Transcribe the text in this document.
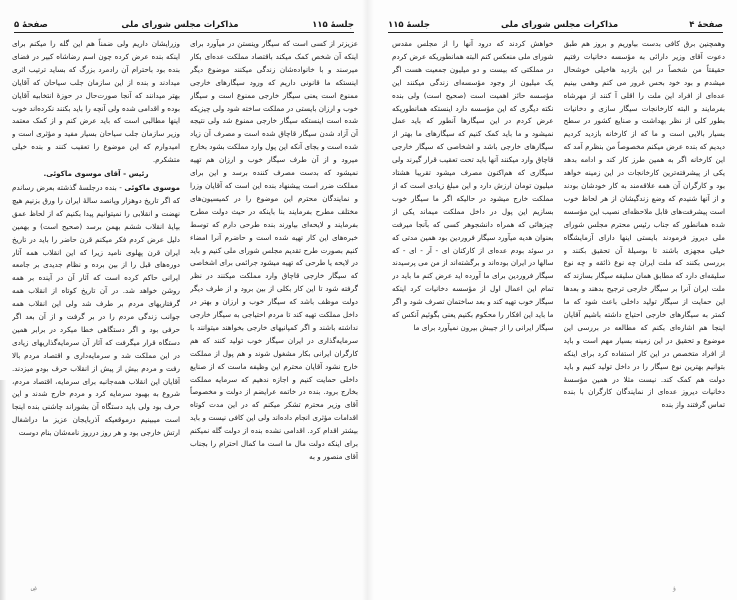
جلسهٔ ۱۱۵
مذاکرات مجلس شورای ملی
صفحهٔ ۵

عزیزتر از کسی است که سیگار وینستن در میآورد برای اینکه آن شخص کمک میکند باقتصاد مملکت عده‌ای بکار میرسند و با خانواده‌شان زندگی میکنند موضوع دیگر اینستکه ما قانونی داریم که ورود سیگارهای خارجی ممنوع است یعنی سیگار خارجی ممنوع است و سیگار خوب و ارزان بایستی در مملکت ساخته شود ولی چیزیکه شده است اینستکه سیگار خارجی ممنوع شد ولی نتیجه آن آزاد شدن سیگار قاچاق شده است و مصرف آن زیاد شده است و بجای آنکه این پول وارد مملکت بشود بخارج میرود و از آن طرف سیگار خوب و ارزان هم تهیه نمیشود که بدست مصرف کننده برسد و این برای مملکت ضرر است پیشنهاد بنده این است که آقایان وزرا و نمایندگان محترم این موضوع را در کمیسیون‌های مختلف مطرح بفرمایند بنا باینکه در حیث دولت مطرح بفرمایند و لایحه‌ای بیاورند بنده طرحی دارم که توسط خبره‌های این کار تهیه شده است و حاضرم آنرا امضاء کنیم بصورت طرح تقدیم مجلس شورای ملی کنیم و باید در لایحه یا طرحی که تهیه میشود جرائمی برای اشخاصی که سیگار خارجی قاچاق وارد مملکت میکنند در نظر گرفته شود تا این کار بکلی از بین برود و از طرف دیگر دولت موظف باشد که سیگار خوب و ارزان و بهتر در داخل مملکت تهیه کند تا مردم احتیاجی به سیگار خارجی نداشته باشند و اگر کمپانیهای خارجی بخواهند میتوانند با سرمایه‌گذاری در ایران سیگار خوب تولید کنند که هم کارگران ایرانی بکار مشغول شوند و هم پول از مملکت خارج نشود آقایان محترم این وظیفه ماست که از صنایع داخلی حمایت کنیم و اجازه ندهیم که سرمایه مملکت بخارج برود. بنده در خاتمه عرایضم از دولت و مخصوصاً آقای وزیر محترم تشکر میکنم که در این مدت کوتاه اقدامات مؤثری انجام داده‌اند ولی این کافی نیست و باید بیشتر اقدام کرد. اقدامی نشده بنده از دولت گله نمیکنم برای اینکه دولت مال ما است ما کمال احترام را بجناب آقای منصور و به

وزرایشان داریم ولی ضمناً هم این گله را میکنم برای اینکه بنده عرض کرده چون اسم رضاشاه کبیر در فضای بنده بود باحترام آن رادمرد بزرگ که بساید ترتیب اثری میدادند و بنده از این سازمان جلب سیاحان که آقایان بهتر میدانند که آنجا صورت‌حال در حوزهٔ انتخابیه آقایان بوده و اقدامی شده ولی آنچه را باید بکنند نکرده‌اند خوب اینها مطالبی است که باید عرض کنم و از کمک معتمد وزیر سازمان جلب سیاحان بسیار مفید و مؤثری است و امیدوارم که این موضوع را تعقیب کنند و بنده خیلی متشکرم.

رئیس - آقای موسوی ماکوئی.

موسوی ماکوئی - بنده درجلسهٔ گذشته بعرض رساندم که اگر تاریخ دوهزار وپانصد سالهٔ ایران را ورق بزنیم هیچ نهضت و انقلابی را نمیتوانیم پیدا بکنیم که از لحاظ عمق بپایهٔ انقلاب ششم بهمن برسد (صحیح است) و بهمین دلیل عرض کردم فکر میکنم قرن حاضر را باید در تاریخ ایران قرن پهلوی نامید زیرا که این انقلاب همه آثار دوره‌های قبل را از بین برده و نظام جدیدی بر جامعه ایرانی حاکم کرده است که آثار آن در آینده بر همه روشن خواهد شد. در آن تاریخ کوتاه از انقلاب همه گرفتاریهای مردم بر طرف شد ولی این انقلاب همه جوانب زندگی مردم را در بر گرفت و از آن بعد اگر حرفی بود و اگر دستگاهی خطا میکرد در برابر همین دستگاه قرار میگرفت که آثار آن سرمایه‌گذاریهای زیادی در این مملکت شد و سرمایه‌داری و اقتصاد مردم بالا رفت و مردم بیش از پیش از انقلاب حرف بودو میزدند. آقایان این انقلاب همه‌جانبه برای سرمایه، اقتصاد مردم، شروع به بهبود سرمایه کرد و مردم خارج شدند و این حرف بود ولی باید دستگاه آن بشوراند چاشنی بنده اینجا است میبینیم درموقعیکه آذربایجان عزیز ما دراشغال ارتش خارجی بود و هر روز درروز نامه‌شان بنام دوست

ۻ
صفحهٔ ۴
مذاکرات مجلس شورای ملی
جلسهٔ ۱۱۵

وهمچنین برق کافی بدست بیاوریم و بروز هم طبق دعوت آقای وزیر دارائی به مؤسسه دخانیات رفتیم حقیقتاً من شخصاً در این بازدید هاخیلی خوشحال میشدم و بود خود بحس غرور می کنم وهمی بینیم عده‌ای از افراد این ملت را اقلی آ کنند از مهرشاه بفرمایند و البته کارخانجات سیگار سازی و دخانیات بطور کلی از نظر بهداشت و صنایع کشور در سطح بسیار بالایی است و ما که از کارخانه بازدید کردیم دیدیم که بنده عرض میکنم مخصوصاً من بنظرم آمد که این کارخانه اگر به همین طرز کار کند و ادامه بدهد یکی از پیشرفته‌ترین کارخانجات در این زمینه خواهد بود و کارگران آن همه علاقه‌مند به کار خودشان بودند و از آنها شنیدم که وضع زندگیشان از هر لحاظ خوب است پیشرفت‌های قابل ملاحظه‌ای نصیب این مؤسسه شده همانطور که جناب رئیس محترم مجلس شورای ملی دیروز فرمودند بایستی اینها دارای آزمایشگاه خیلی مجهزی باشند تا بوسیلهٔ آن تحقیق بکنند و بررسی بکنند که ملت ایران چه نوع ذائقه و چه نوع سلیقه‌ای دارد که مطابق همان سلیقه سیگار بسازند که ملت ایران آنرا بر سیگار خارجی ترجیح بدهند و بعدها این حمایت از سیگار تولید داخلی باعث شود که ما کمتر به سیگارهای خارجی احتیاج داشته باشیم آقایان اینجا هم اشاره‌ای بکنم که مطالعه در بررسی این موضوع و تحقیق در این زمینه بسیار مهم است و باید از افراد متخصص در این کار استفاده کرد برای اینکه بتوانیم بهترین نوع سیگار را در داخل تولید کنیم و باید دولت هم کمک کند. نیست مثلا در همین مؤسسهٔ دخانیات دیروز عده‌ای از نمایندگان کارگران با بنده تماس گرفتند واز بنده

خواهش کردند که درود آنها را از مجلس مقدس شورای ملی منعکس کنم البته همانطوریکه عرض کردم در مملکتی که بیست و دو میلیون جمعیت هست اگر یک میلیون از وجود مؤسسه‌ای زندگی میکنند این مؤسسه حائز اهمیت است (صحیح است) ولی بنده نکته دیگری که این مؤسسه دارد اینستکه همانطوریکه عرض کردم در این سیگارها آنطور که باید عمل نمیشود و ما باید کمک کنیم که سیگارهای ما بهتر از سیگارهای خارجی باشد و اشخاصی که سیگار خارجی قاچاق وارد میکنند آنها باید تحت تعقیب قرار گیرند ولی سیگاری که هم‌اکنون مصرف میشود تقریبا هشتاد میلیون تومان ارزش دارد و این مبلغ زیادی است که از مملکت خارج میشود در حالیکه اگر ما سیگار خوب بسازیم این پول در داخل مملکت میماند یکی از چیزهائی که همراه دانشجوهر کسی که بآنجا میرفت بعنوان هدیه میآورد سیگار فروردین بود همین مدتی که در سوئد بودم عده‌ای از کارکنان ای - آر - ای - که سالها در ایران بوده‌اند و برگشته‌اند از من می پرسیدند سیگار فروردین برای ما آورده اید عرض کنم ما باید در تمام این اعمال اول از مؤسسه دخانیات کرد اینکه سیگار خوب تهیه کند و بعد ساختمان تصرف شود و اگر ما باید این افکار را محکوم بکنیم یعنی بگوئیم آنکس که سیگار ایرانی را از جیبش بیرون نمیآورد برای ما

ؤ
